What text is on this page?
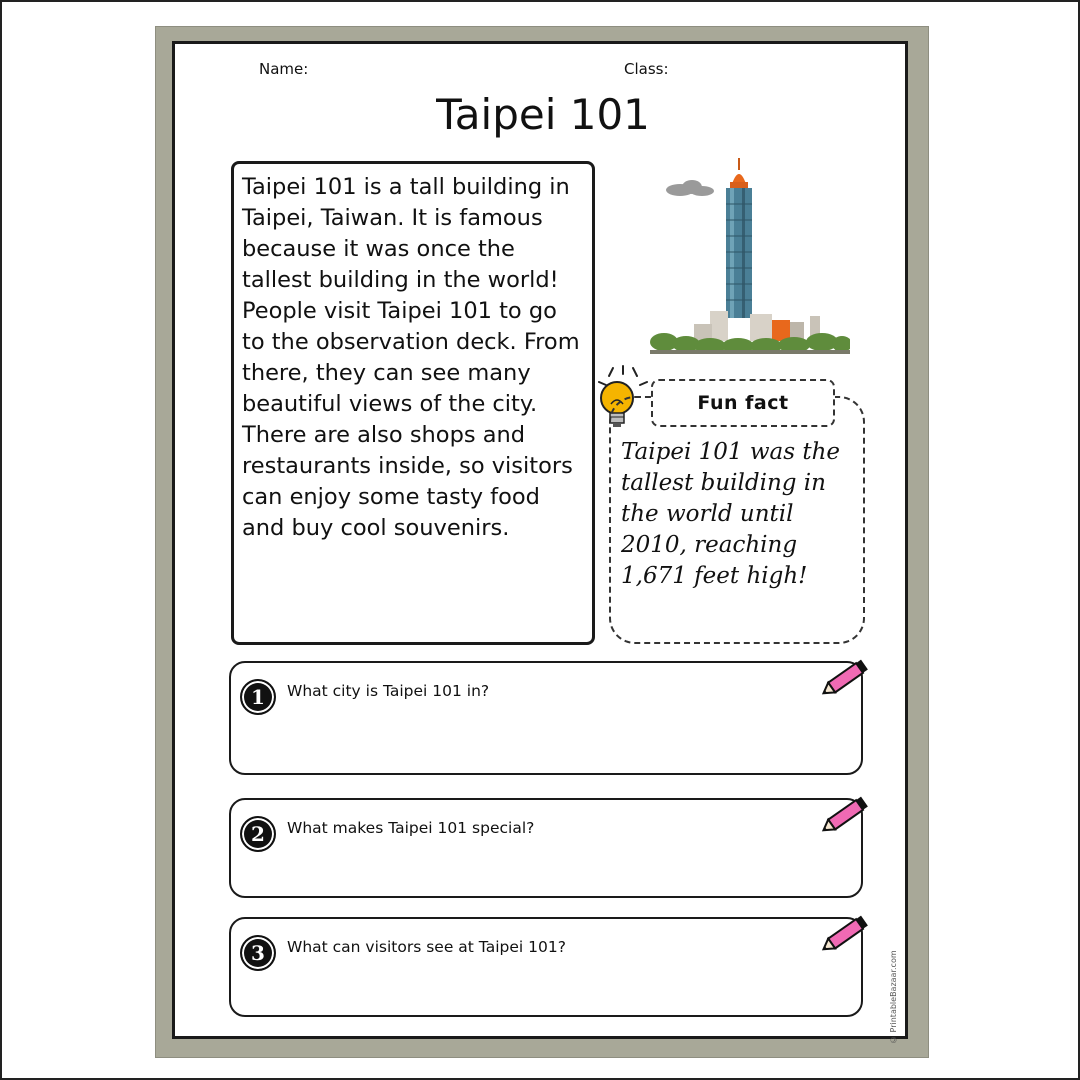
Name:	Class:
Taipei 101
Taipei 101 is a tall building in
Taipei, Taiwan. It is famous
because it was once the
tallest building in the world!
People visit Taipei 101 to go
to the observation deck. From
there, they can see many
beautiful views of the city.
There are also shops and
restaurants inside, so visitors
can enjoy some tasty food
and buy cool souvenirs.
Fun fact
Taipei 101 was the
tallest building in
the world until
2010, reaching
1,671 feet high!
1	What city is Taipei 101 in?
2	What makes Taipei 101 special?
3	What can visitors see at Taipei 101?
© PrintableBazaar.com
